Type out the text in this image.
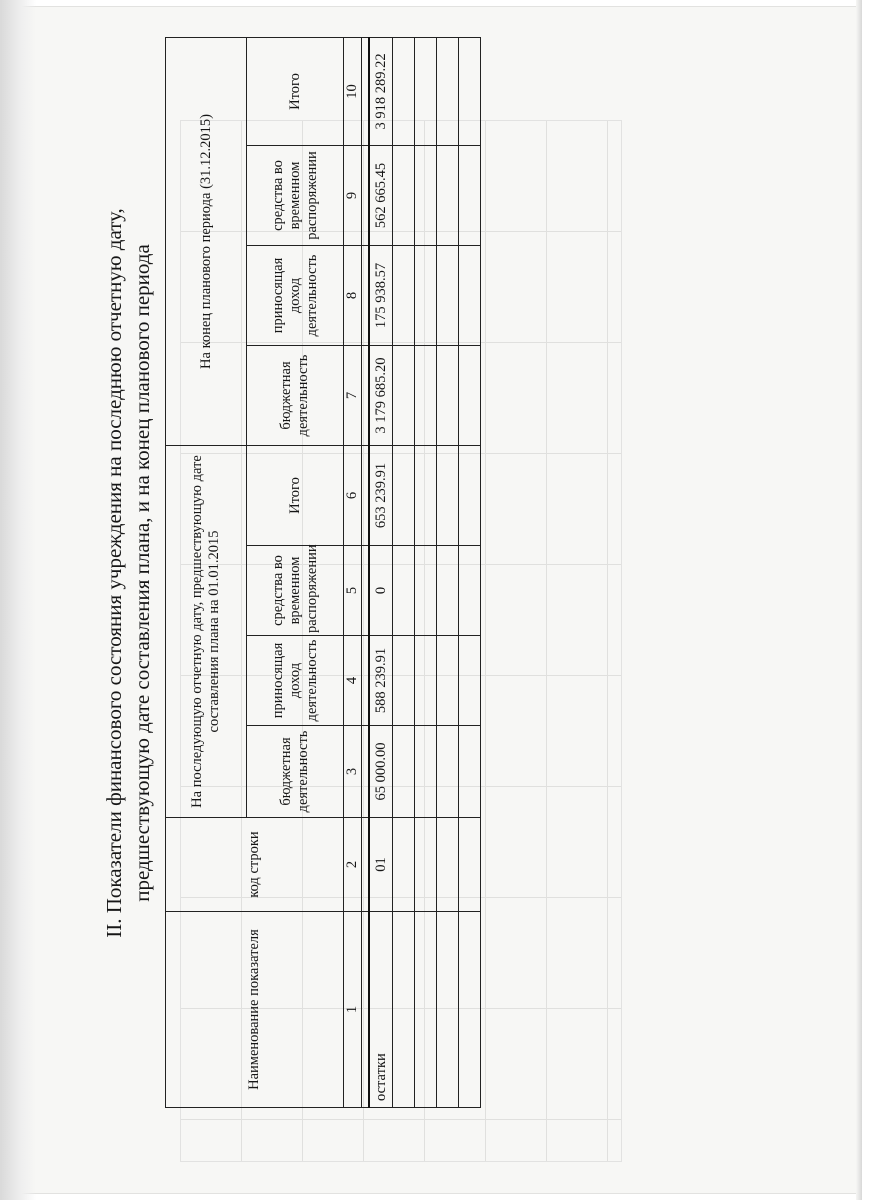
II. Показатели финансового состояния учреждения на последнюю отчетную дату, предшествующую дате составления плана, и на конец планового периода
Наименование показателя	код строки	На последующую отчетную дату, предшествующую дате составления плана на 01.01.2015				На конец планового периода (31.12.2015)			
		бюджетная деятельность	приносящая доход деятельность	средства во временном распоряжении	Итого	бюджетная деятельность	приносящая доход деятельность	средства во временном распоряжении	Итого
1	2	3	4	5	6	7	8	9	10

остатки	01	65 000.00	588 239.91	0	653 239.91	3 179 685.20	175 938.57	562 665.45	3 918 289.22
